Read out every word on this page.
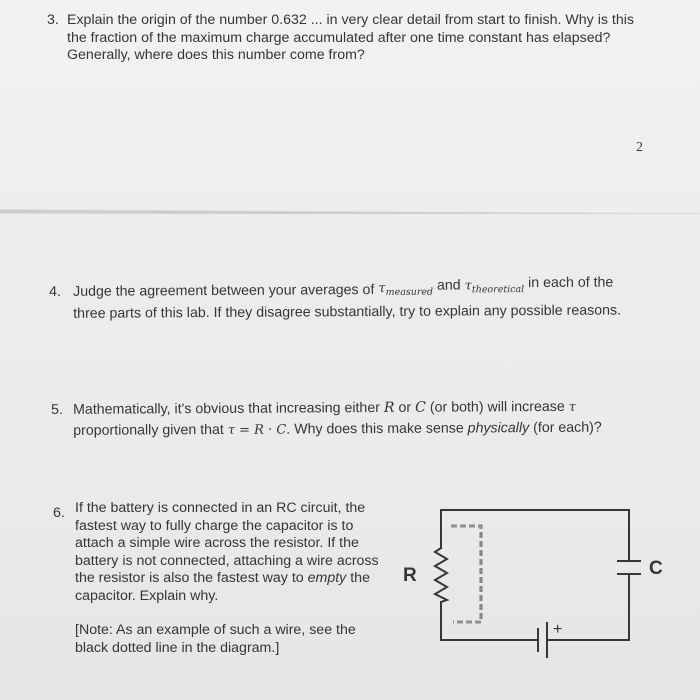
3. Explain the origin of the number 0.632 ... in very clear detail from start to finish. Why is this
the fraction of the maximum charge accumulated after one time constant has elapsed?
Generally, where does this number come from?
2
4. Judge the agreement between your averages of $\tau_{measured}$ and $\tau_{theoretical}$ in each of the
three parts of this lab. If they disagree substantially, try to explain any possible reasons.
5. Mathematically, it's obvious that increasing either R or C (or both) will increase τ
proportionally given that τ = R · C. Why does this make sense physically (for each)?
6. If the battery is connected in an RC circuit, the
fastest way to fully charge the capacitor is to
attach a simple wire across the resistor. If the
battery is not connected, attaching a wire across
the resistor is also the fastest way to empty the
capacitor. Explain why.
[Note: As an example of such a wire, see the
black dotted line in the diagram.]
R	C
+
